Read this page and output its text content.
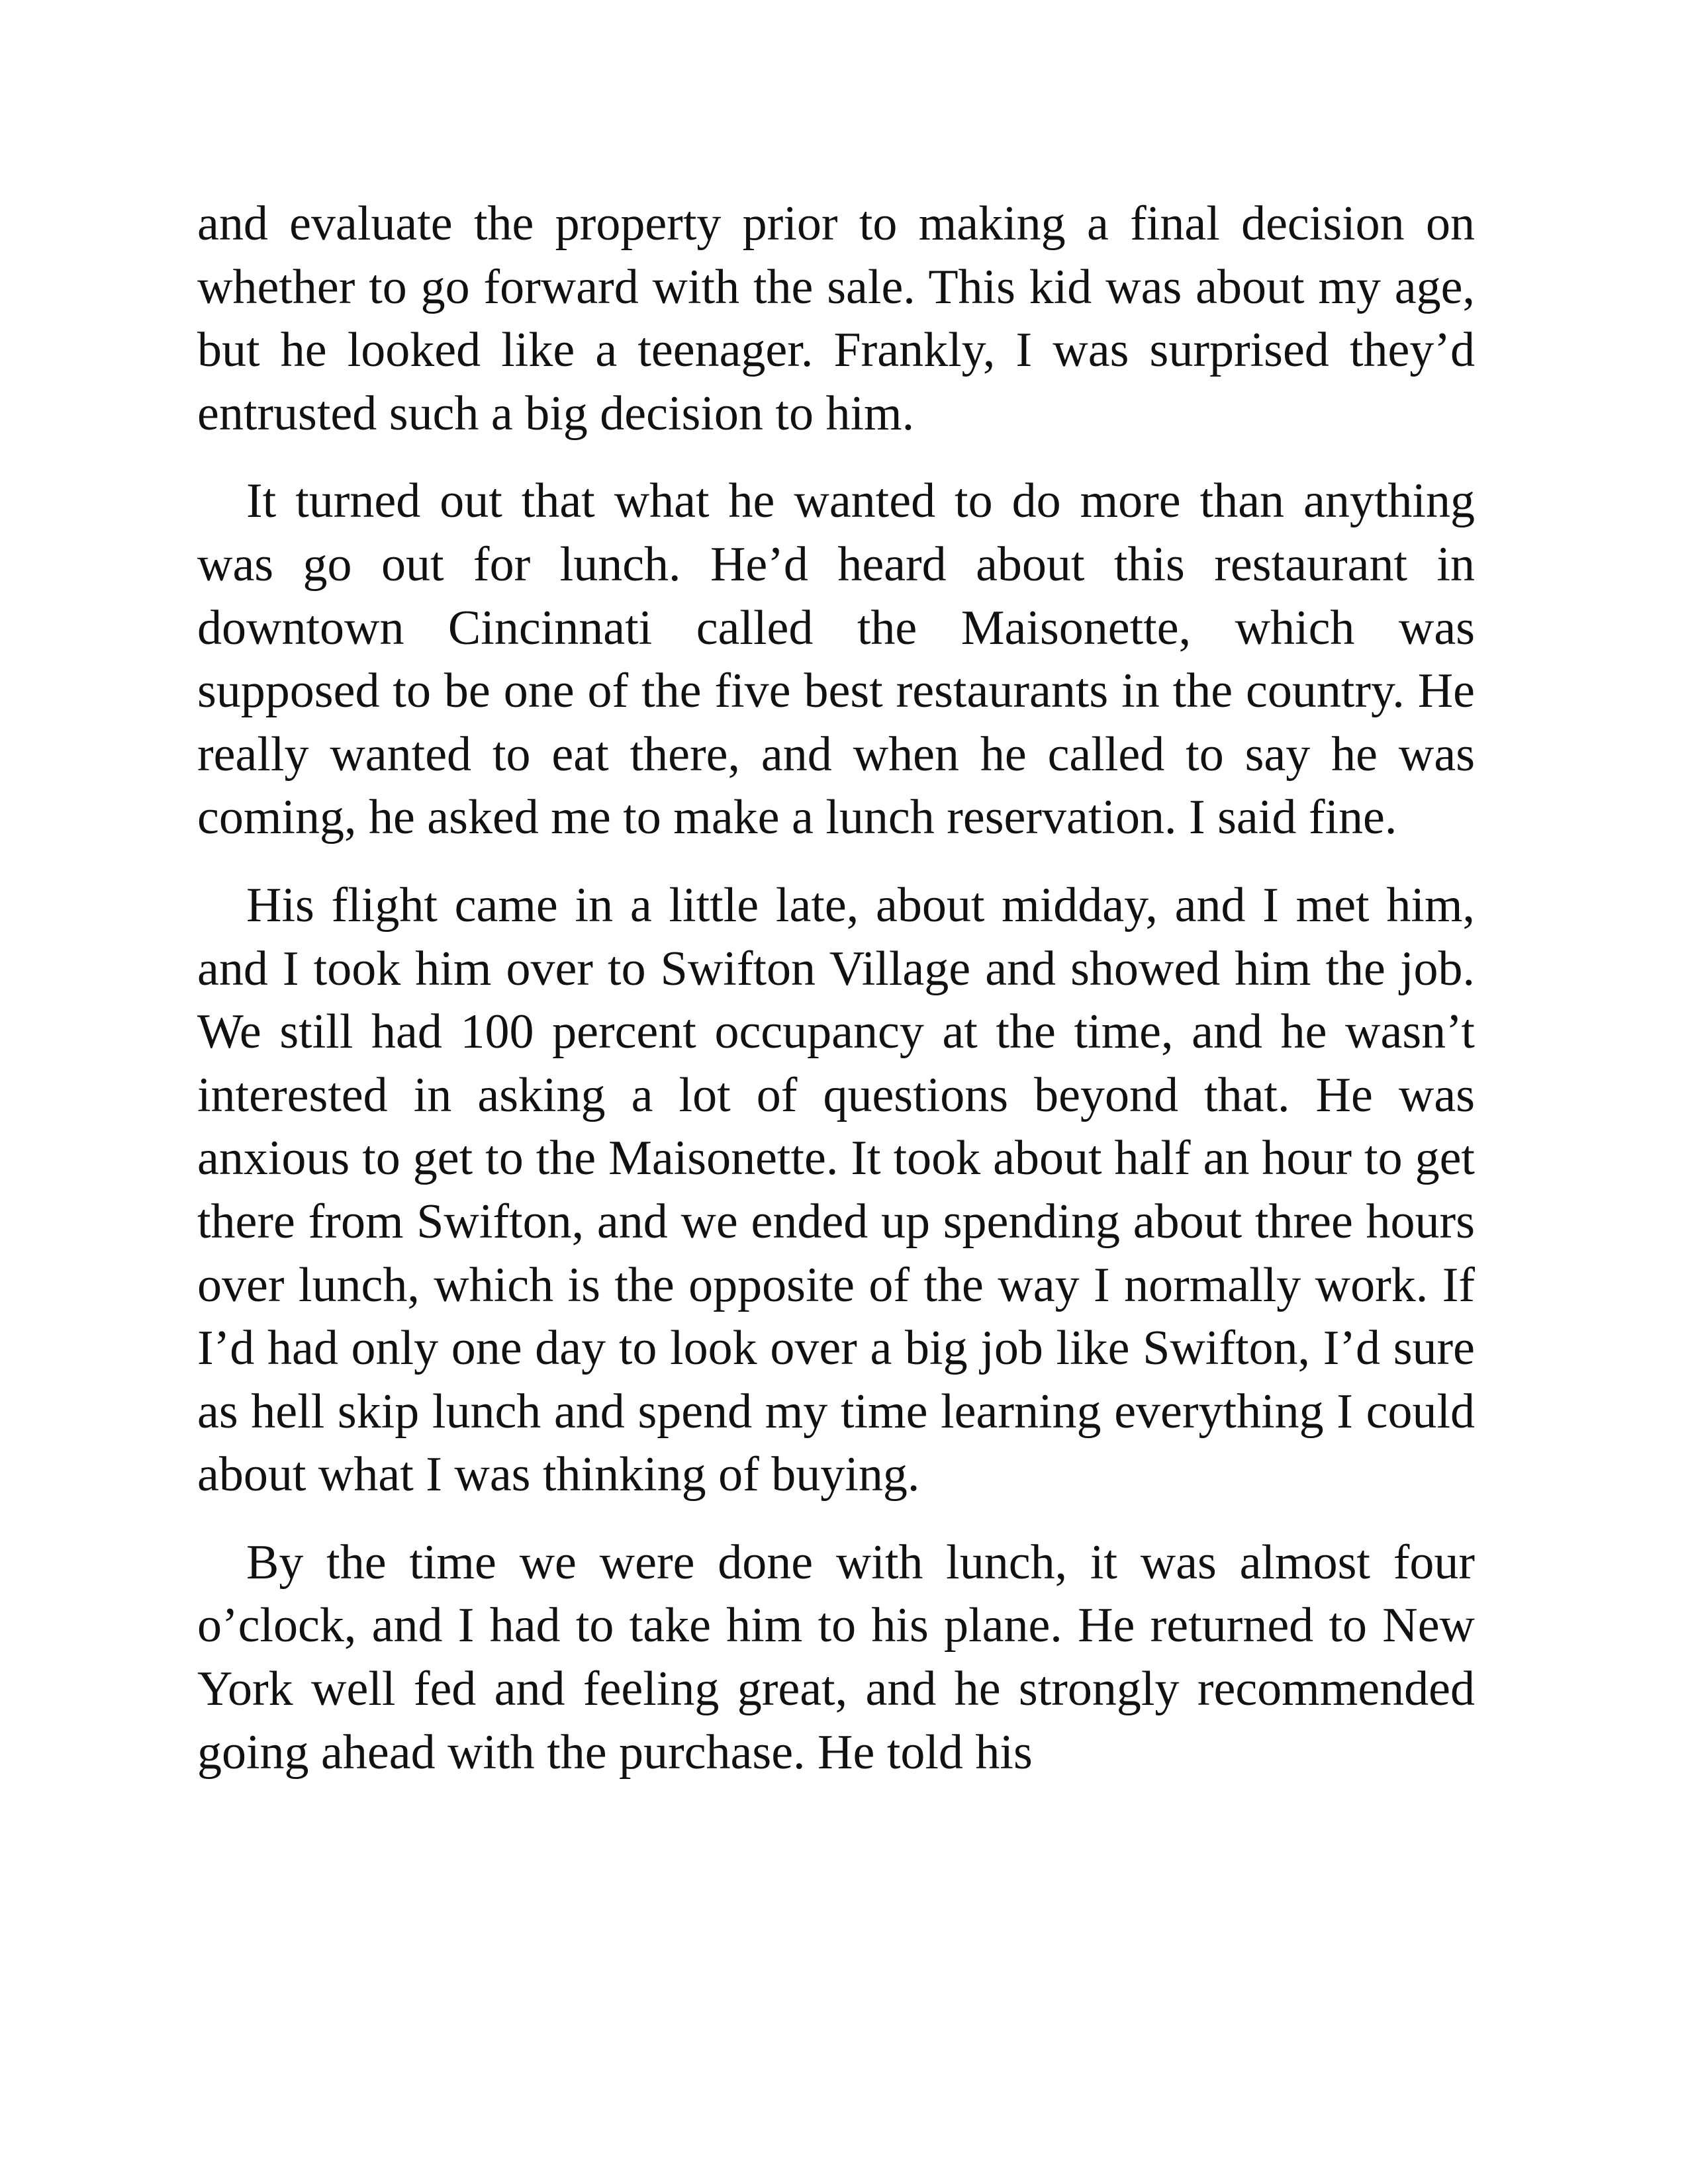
and evaluate the property prior to making a final decision on whether to go forward with the sale. This kid was about my age, but he looked like a teenager. Frankly, I was surprised they’d entrusted such a big decision to him.

It turned out that what he wanted to do more than anything was go out for lunch. He’d heard about this restaurant in downtown Cincinnati called the Maisonette, which was supposed to be one of the five best restaurants in the country. He really wanted to eat there, and when he called to say he was coming, he asked me to make a lunch reservation. I said fine.

His flight came in a little late, about midday, and I met him, and I took him over to Swifton Village and showed him the job. We still had 100 percent occupancy at the time, and he wasn’t interested in asking a lot of questions beyond that. He was anxious to get to the Maisonette. It took about half an hour to get there from Swifton, and we ended up spending about three hours over lunch, which is the opposite of the way I normally work. If I’d had only one day to look over a big job like Swifton, I’d sure as hell skip lunch and spend my time learning everything I could about what I was thinking of buying.

By the time we were done with lunch, it was almost four o’clock, and I had to take him to his plane. He returned to New York well fed and feeling great, and he strongly recommended going ahead with the purchase. He told his
